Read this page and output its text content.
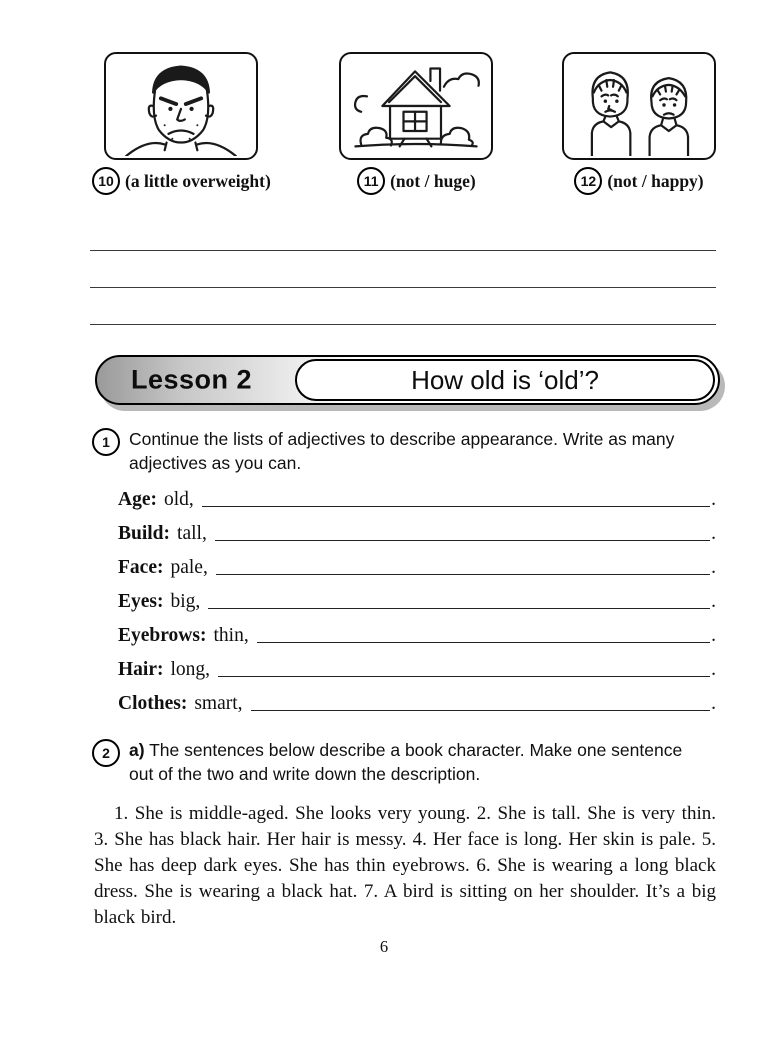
10 (a little overweight)	11 (not / huge)	12 (not / happy)
Lesson 2	How old is ‘old’?
1	Continue the lists of adjectives to describe appearance. Write as many adjectives as you can.
Age: old,	.
Build: tall,	.
Face: pale,	.
Eyes: big,	.
Eyebrows: thin,	.
Hair: long,	.
Clothes: smart,	.
2	a) The sentences below describe a book character. Make one sentence out of the two and write down the description.

1. She is middle-aged. She looks very young. 2. She is tall. She is very thin. 3. She has black hair. Her hair is messy. 4. Her face is long. Her skin is pale. 5. She has deep dark eyes. She has thin eyebrows. 6. She is wearing a long black dress. She is wearing a black hat. 7. A bird is sitting on her shoulder. It’s a big black bird.

6
